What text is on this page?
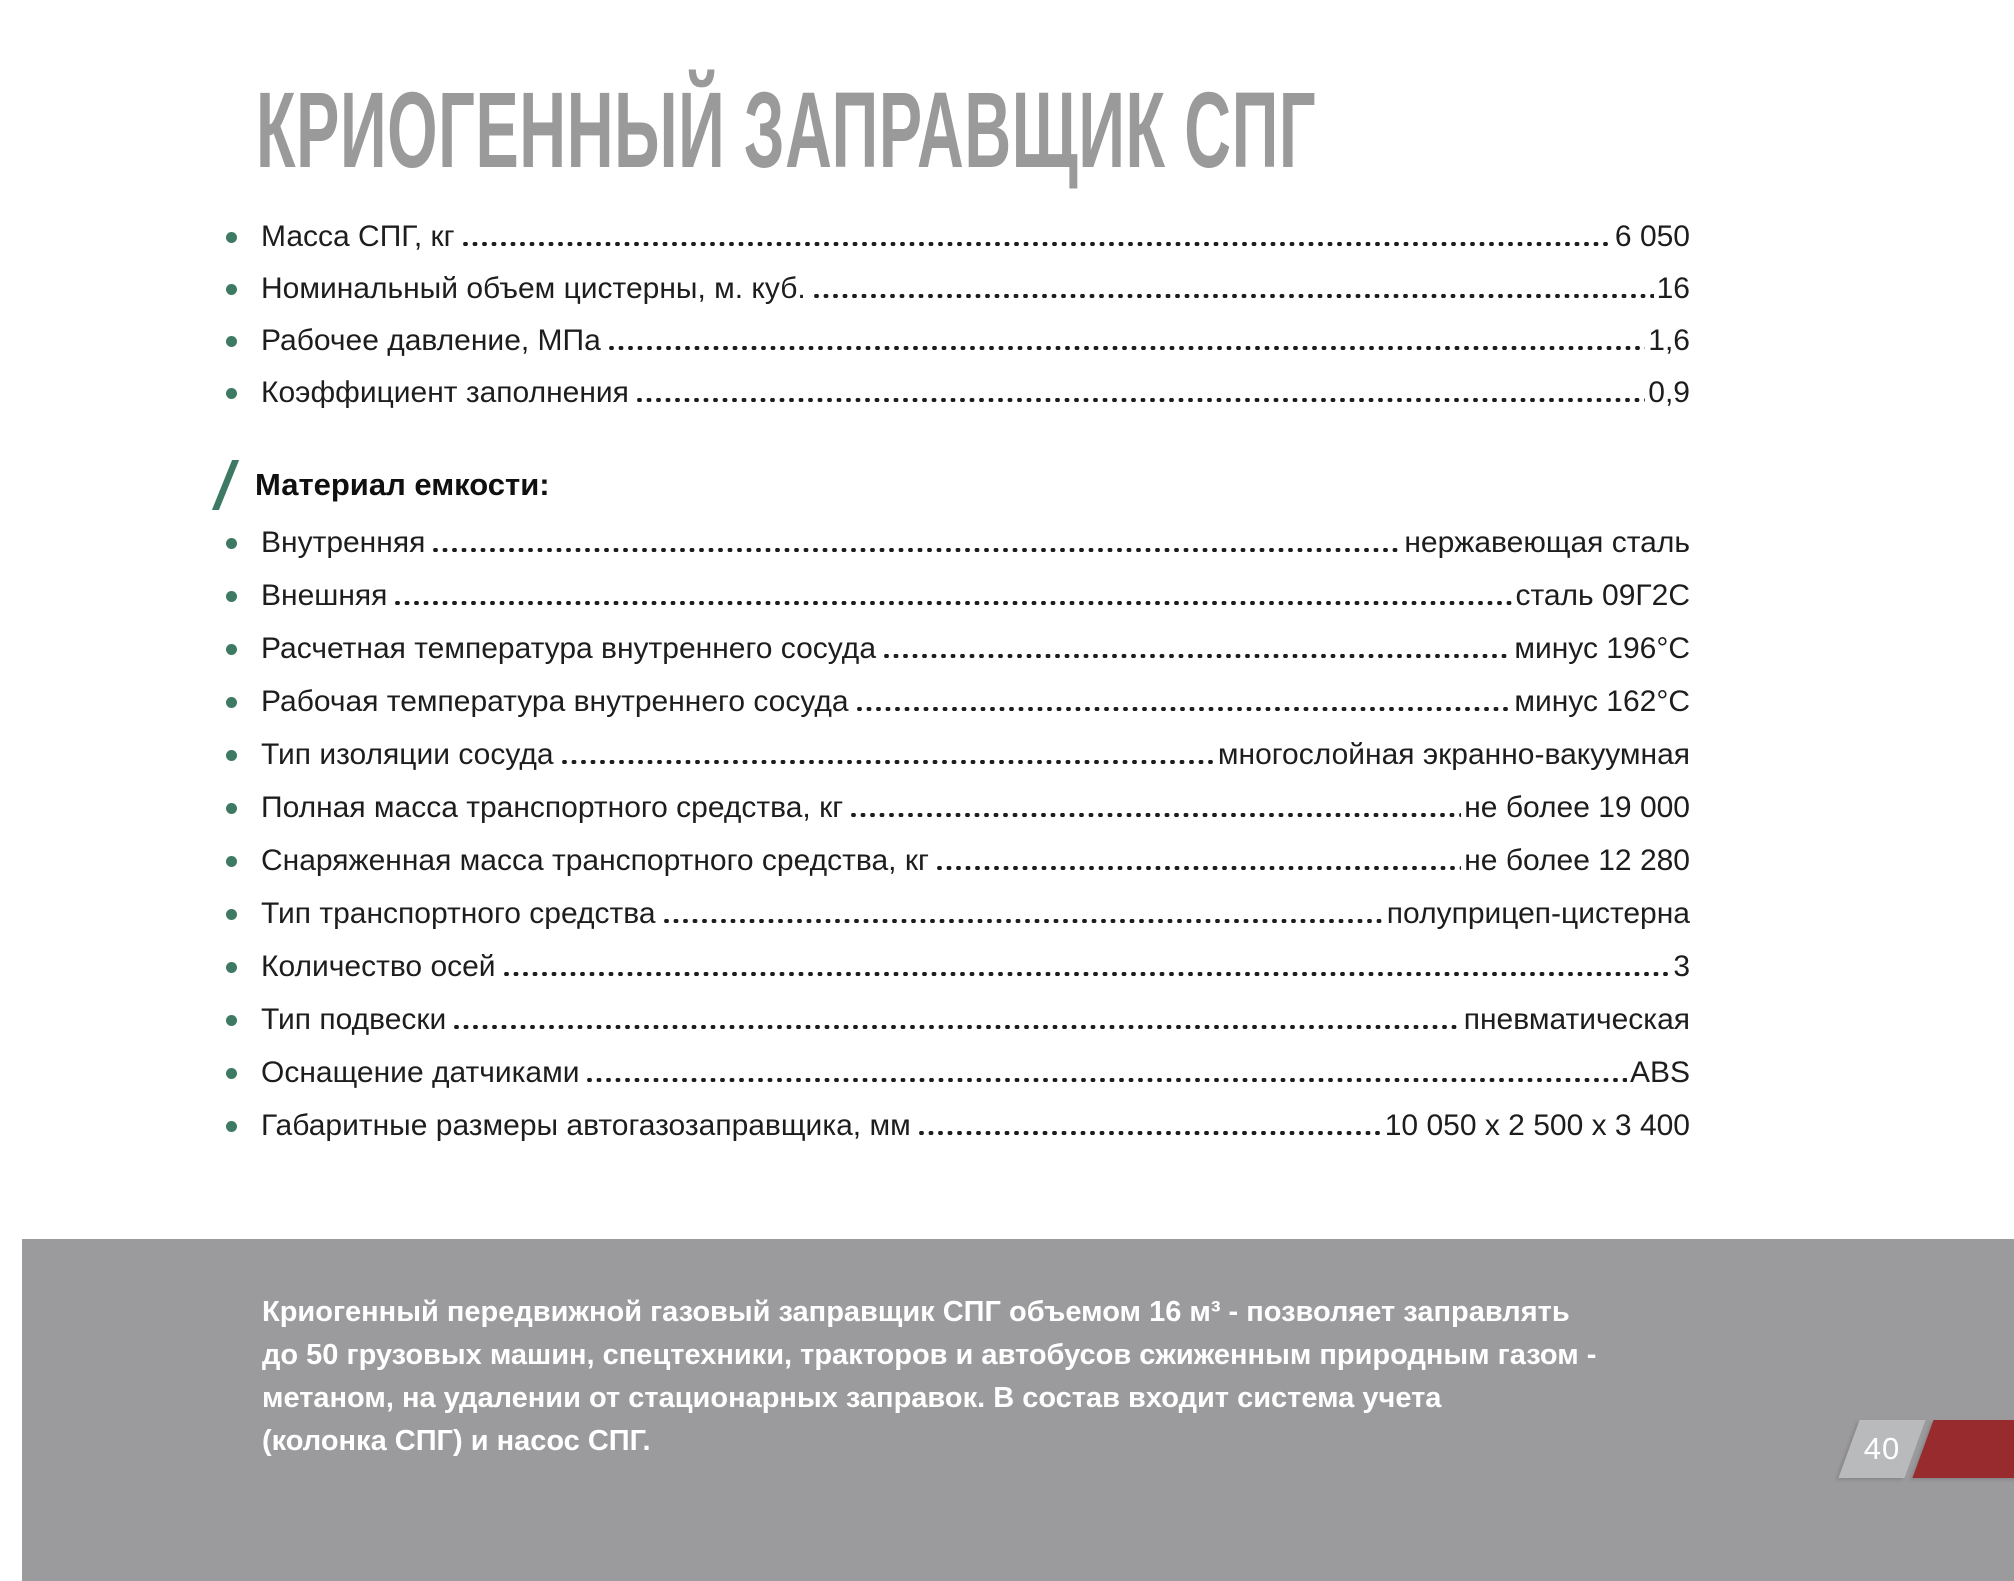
КРИОГЕННЫЙ ЗАПРАВЩИК СПГ
Масса СПГ, кг	6 050
Номинальный объем цистерны, м. куб.	16
Рабочее давление, МПа	1,6
Коэффициент заполнения	0,9
Материал емкости:
Внутренняя	нержавеющая сталь
Внешняя	сталь 09Г2С
Расчетная температура внутреннего сосуда	минус 196°С
Рабочая температура внутреннего сосуда	минус 162°С
Тип изоляции сосуда	многослойная экранно-вакуумная
Полная масса транспортного средства, кг	не более 19 000
Снаряженная масса транспортного средства, кг	не более 12 280
Тип транспортного средства	полуприцеп-цистерна
Количество осей	3
Тип подвески	пневматическая
Оснащение датчиками	ABS
Габаритные размеры автогазозаправщика, мм	10 050 х 2 500 х 3 400
Криогенный передвижной газовый заправщик СПГ объемом 16 м³ - позволяет заправлять
до 50 грузовых машин, спецтехники, тракторов и автобусов сжиженным природным газом -
метаном, на удалении от стационарных заправок. В состав входит система учета
(колонка СПГ) и насос СПГ.	40
